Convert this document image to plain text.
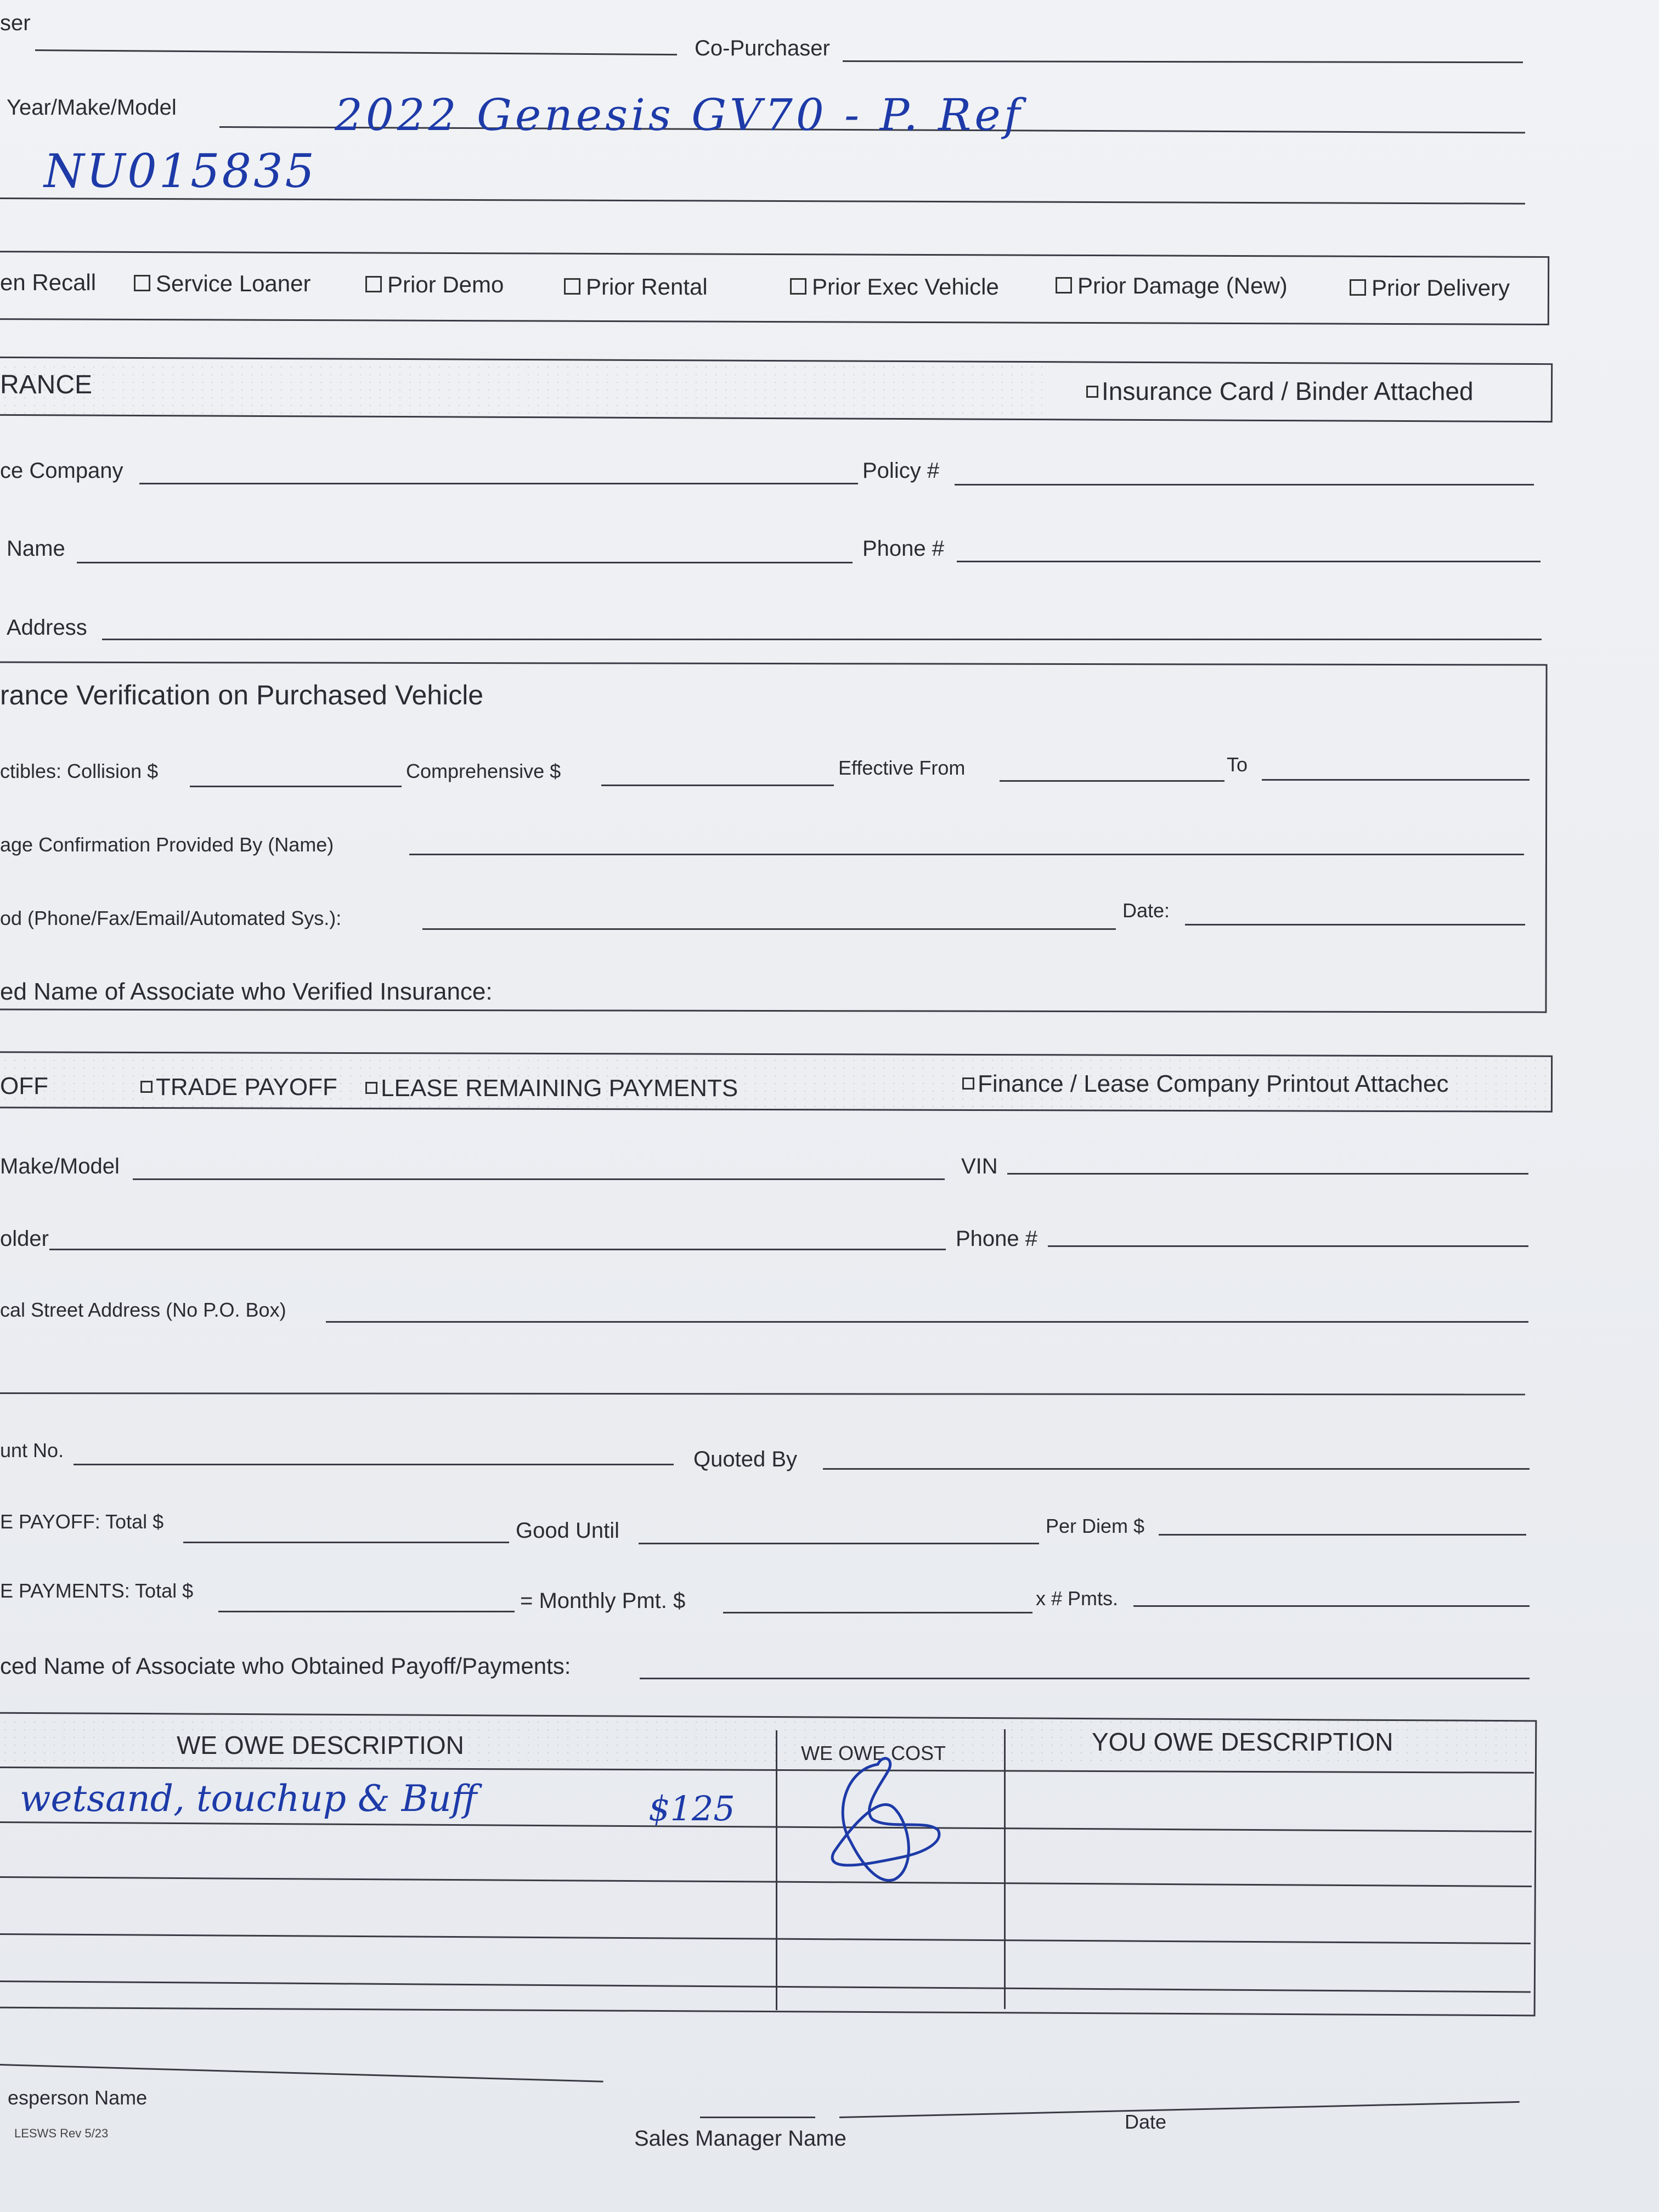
ser
Co-Purchaser
Year/Make/Model	2022 Genesis GV70 - P. Ref
NU015835
en Recall	Service Loaner	Prior Demo	Prior Rental	Prior Exec Vehicle	Prior Damage (New)	Prior Delivery
RANCE	Insurance Card / Binder Attached
ce Company	Policy #
Name	Phone #
Address
rance Verification on Purchased Vehicle
ctibles: Collision $	Comprehensive $	Effective From	To
age Confirmation Provided By (Name)
od (Phone/Fax/Email/Automated Sys.):	Date:
ed Name of Associate who Verified Insurance:
OFF	TRADE PAYOFF	LEASE REMAINING PAYMENTS	Finance / Lease Company Printout Attachec
Make/Model	VIN
older	Phone #
cal Street Address (No P.O. Box)
unt No.	Quoted By
E PAYOFF: Total $	Good Until	Per Diem $
E PAYMENTS: Total $	= Monthly Pmt. $	x # Pmts.
ced Name of Associate who Obtained Payoff/Payments:
WE OWE DESCRIPTION	WE OWE COST	YOU OWE DESCRIPTION
wetsand, touchup & Buff	$125
esperson Name
LESWS Rev 5/23	Sales Manager Name
Date
